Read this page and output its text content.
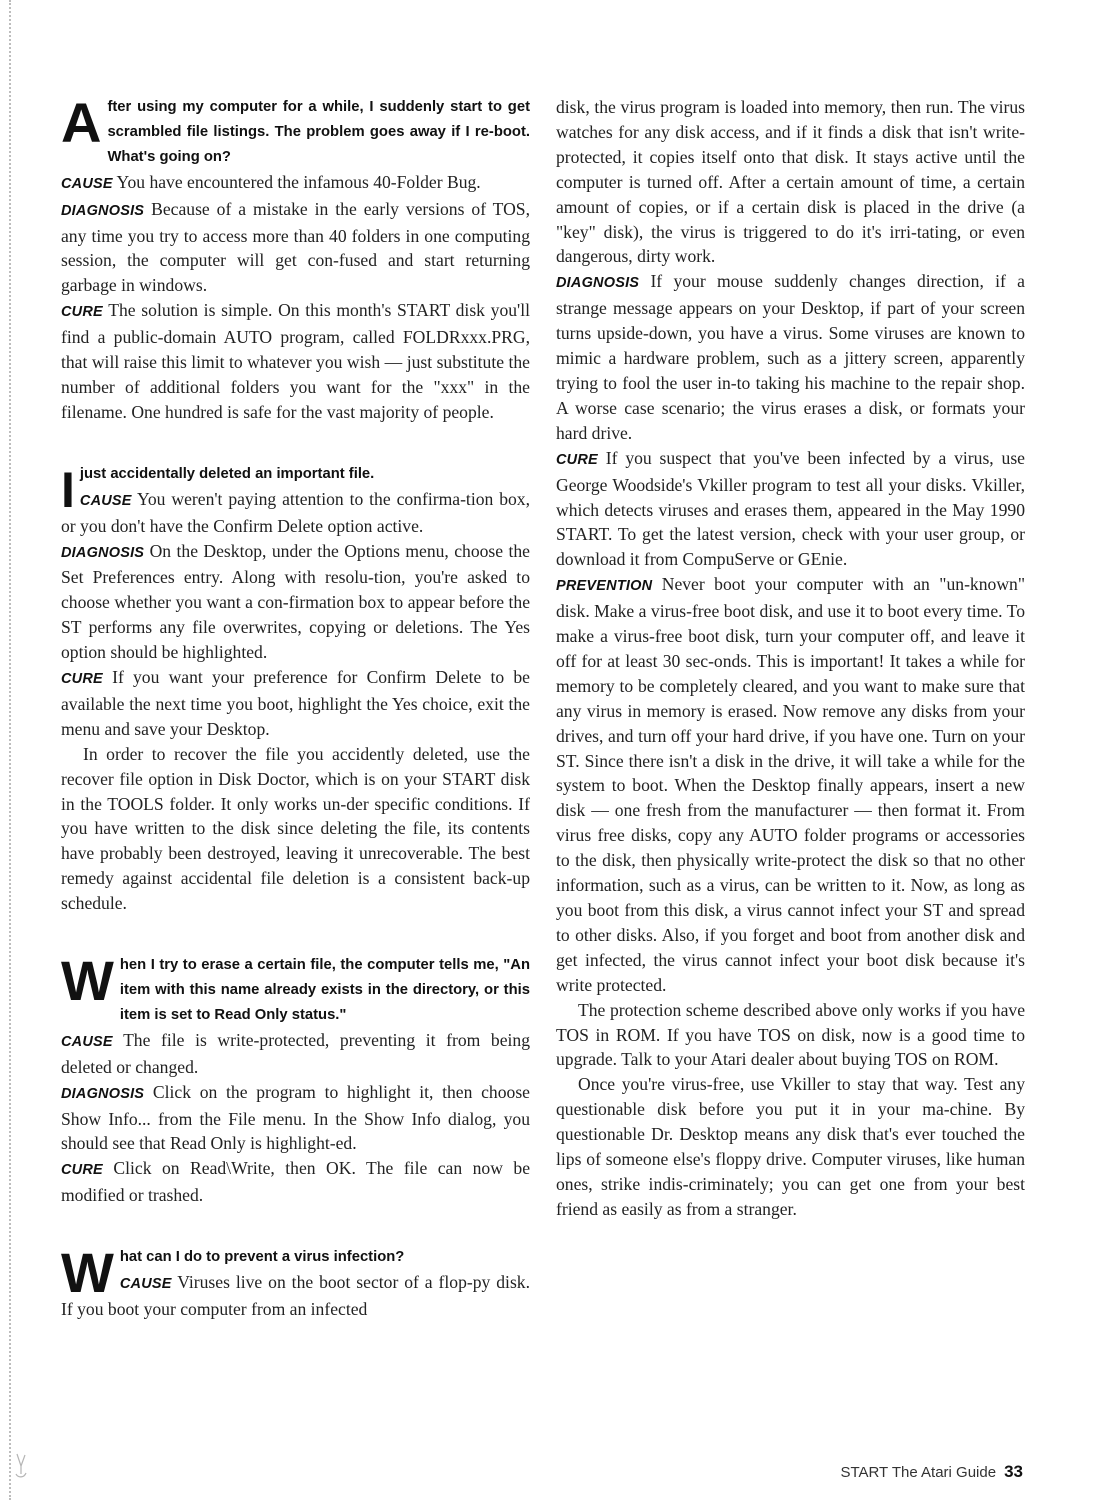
After using my computer for a while, I suddenly start to get scrambled file listings. The problem goes away if I re-boot. What's going on?

CAUSE You have encountered the infamous 40-Folder Bug.

DIAGNOSIS Because of a mistake in the early versions of TOS, any time you try to access more than 40 folders in one computing session, the computer will get con-fused and start returning garbage in windows.

CURE The solution is simple. On this month's START disk you'll find a public-domain AUTO program, called FOLDRxxx.PRG, that will raise this limit to whatever you wish — just substitute the number of additional folders you want for the "xxx" in the filename. One hundred is safe for the vast majority of people.

Ijust accidentally deleted an important file.

CAUSE You weren't paying attention to the confirma-tion box, or you don't have the Confirm Delete option active.

DIAGNOSIS On the Desktop, under the Options menu, choose the Set Preferences entry. Along with resolu-tion, you're asked to choose whether you want a con-firmation box to appear before the ST performs any file overwrites, copying or deletions. The Yes option should be highlighted.

CURE If you want your preference for Confirm Delete to be available the next time you boot, highlight the Yes choice, exit the menu and save your Desktop.

In order to recover the file you accidently deleted, use the recover file option in Disk Doctor, which is on your START disk in the TOOLS folder. It only works un-der specific conditions. If you have written to the disk since deleting the file, its contents have probably been destroyed, leaving it unrecoverable. The best remedy against accidental file deletion is a consistent back-up schedule.

When I try to erase a certain file, the computer tells me, "An item with this name already exists in the directory, or this item is set to Read Only status."

CAUSE The file is write-protected, preventing it from being deleted or changed.

DIAGNOSIS Click on the program to highlight it, then choose Show Info... from the File menu. In the Show Info dialog, you should see that Read Only is highlight-ed.

CURE Click on Read\Write, then OK. The file can now be modified or trashed.

What can I do to prevent a virus infection?

CAUSE Viruses live on the boot sector of a flop-py disk. If you boot your computer from an infected

disk, the virus program is loaded into memory, then run. The virus watches for any disk access, and if it finds a disk that isn't write-protected, it copies itself onto that disk. It stays active until the computer is turned off. After a certain amount of time, a certain amount of copies, or if a certain disk is placed in the drive (a "key" disk), the virus is triggered to do it's irri-tating, or even dangerous, dirty work.

DIAGNOSIS If your mouse suddenly changes direction, if a strange message appears on your Desktop, if part of your screen turns upside-down, you have a virus. Some viruses are known to mimic a hardware problem, such as a jittery screen, apparently trying to fool the user in-to taking his machine to the repair shop. A worse case scenario; the virus erases a disk, or formats your hard drive.

CURE If you suspect that you've been infected by a virus, use George Woodside's Vkiller program to test all your disks. Vkiller, which detects viruses and erases them, appeared in the May 1990 START. To get the latest version, check with your user group, or download it from CompuServe or GEnie.

PREVENTION Never boot your computer with an "un-known" disk. Make a virus-free boot disk, and use it to boot every time. To make a virus-free boot disk, turn your computer off, and leave it off for at least 30 sec-onds. This is important! It takes a while for memory to be completely cleared, and you want to make sure that any virus in memory is erased. Now remove any disks from your drives, and turn off your hard drive, if you have one. Turn on your ST. Since there isn't a disk in the drive, it will take a while for the system to boot. When the Desktop finally appears, insert a new disk — one fresh from the manufacturer — then format it. From virus free disks, copy any AUTO folder programs or accessories to the disk, then physically write-protect the disk so that no other information, such as a virus, can be written to it. Now, as long as you boot from this disk, a virus cannot infect your ST and spread to other disks. Also, if you forget and boot from another disk and get infected, the virus cannot infect your boot disk because it's write protected.

The protection scheme described above only works if you have TOS in ROM. If you have TOS on disk, now is a good time to upgrade. Talk to your Atari dealer about buying TOS on ROM.

Once you're virus-free, use Vkiller to stay that way. Test any questionable disk before you put it in your ma-chine. By questionable Dr. Desktop means any disk that's ever touched the lips of someone else's floppy drive. Computer viruses, like human ones, strike indis-criminately; you can get one from your best friend as easily as from a stranger.

START The Atari Guide 33
